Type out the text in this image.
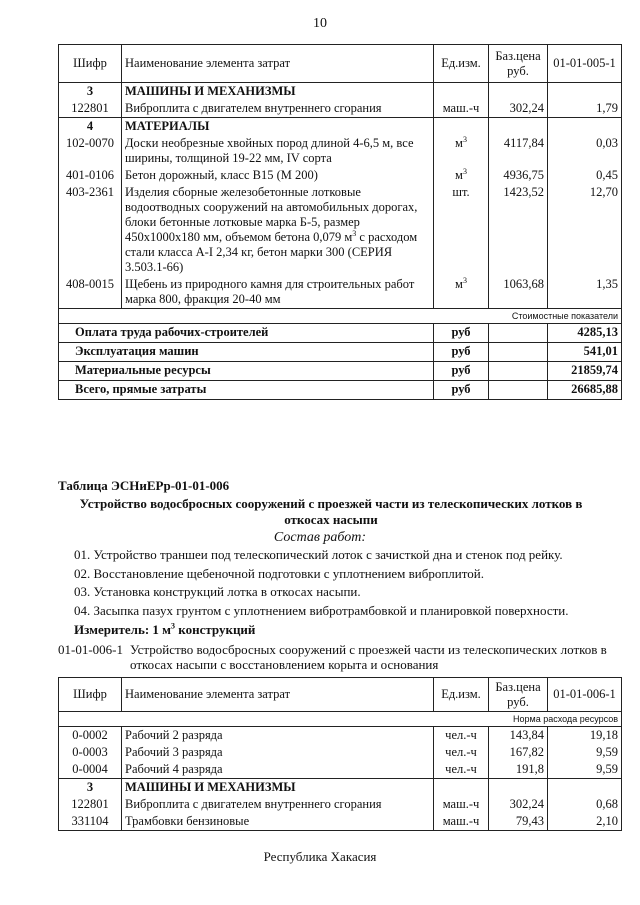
10
Шифр	Наименование элемента затрат	Ед.изм.	Баз.цена руб.	01-01-005-1
3	МАШИНЫ И МЕХАНИЗМЫ			
122801	Виброплита с двигателем внутреннего сгорания	маш.-ч	302,24	1,79
4	МАТЕРИАЛЫ			
102-0070	Доски необрезные хвойных пород длиной 4-6,5 м, все ширины, толщиной 19-22 мм, IV сорта	$м^3$	4117,84	0,03
401-0106	Бетон дорожный, класс В15 (М 200)	$м^3$	4936,75	0,45
403-2361	Изделия сборные железобетонные лотковые водоотводных сооружений на автомобильных дорогах, блоки бетонные лотковые марка Б-5, размер 450х1000х180 мм, объемом бетона 0,079 $м^3$ с расходом стали класса А-I 2,34 кг, бетон марки 300 (СЕРИЯ 3.503.1-66)	шт.	1423,52	12,70
408-0015	Щебень из природного камня для строительных работ марка 800, фракция 20-40 мм	$м^3$	1063,68	1,35
Стоимостные показатели				
Оплата труда рабочих-строителей		руб		4285,13
Эксплуатация машин		руб		541,01
Материальные ресурсы		руб		21859,74
Всего, прямые затраты		руб		26685,88
Таблица ЭСНиЕРр-01-01-006
Устройство водосбросных сооружений с проезжей части из телескопических лотков в откосах насыпи
Состав работ:
01. Устройство траншеи под телескопический лоток с зачисткой дна и стенок под рейку.
02. Восстановление щебеночной подготовки с уплотнением виброплитой.
03. Установка конструкций лотка в откосах насыпи.
04. Засыпка пазух грунтом с уплотнением вибротрамбовкой и планировкой поверхности.
Измеритель: 1 $м^3$ конструкций
01-01-006-1 Устройство водосбросных сооружений с проезжей части из телескопических лотков в откосах насыпи с восстановлением корыта и основания
Шифр	Наименование элемента затрат	Ед.изм.	Баз.цена руб.	01-01-006-1
Норма расхода ресурсов				
0-0002	Рабочий 2 разряда	чел.-ч	143,84	19,18
0-0003	Рабочий 3 разряда	чел.-ч	167,82	9,59
0-0004	Рабочий 4 разряда	чел.-ч	191,8	9,59
3	МАШИНЫ И МЕХАНИЗМЫ			
122801	Виброплита с двигателем внутреннего сгорания	маш.-ч	302,24	0,68
331104	Трамбовки бензиновые	маш.-ч	79,43	2,10
Республика Хакасия
